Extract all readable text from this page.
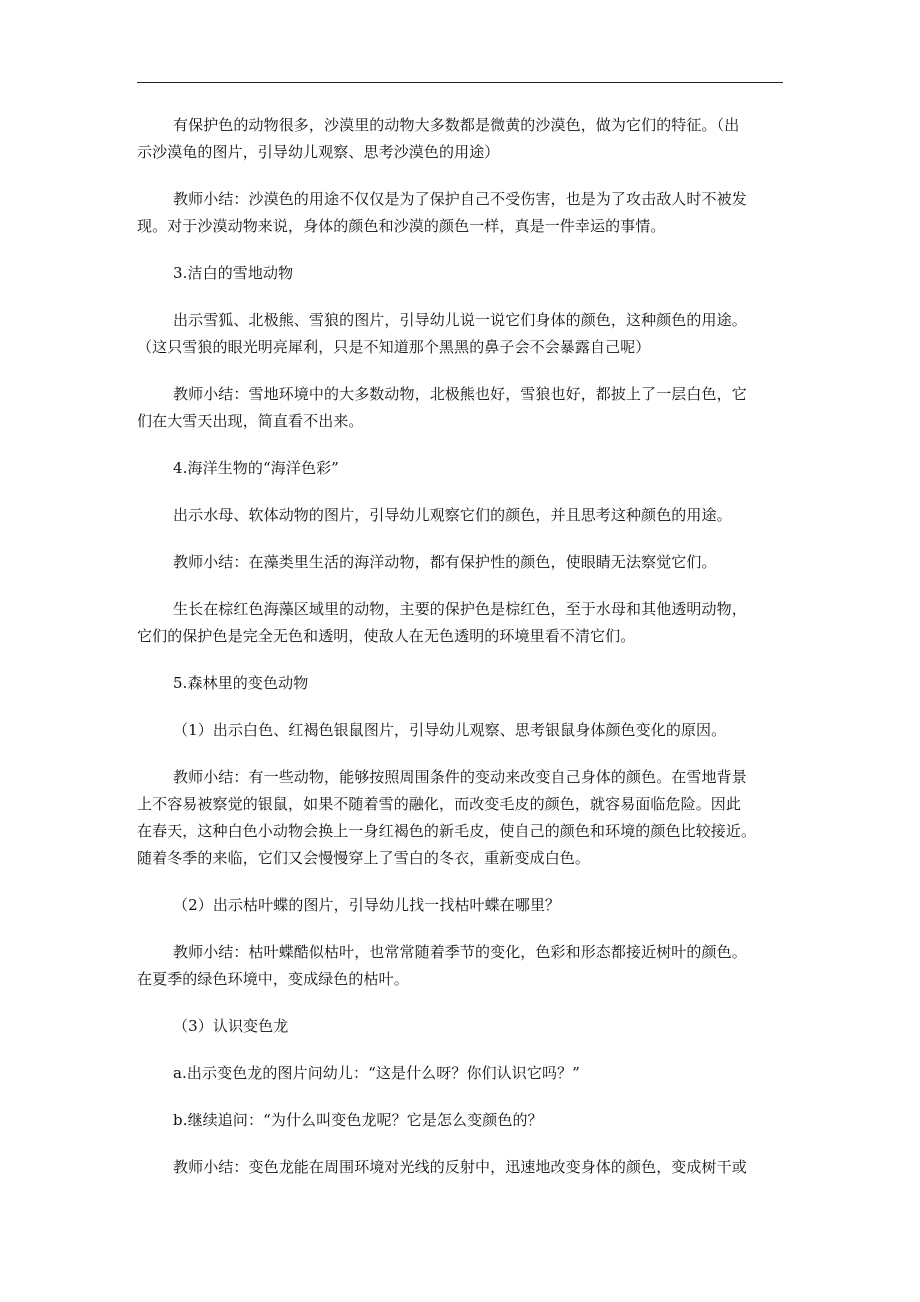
有保护色的动物很多，沙漠里的动物大多数都是微黄的沙漠色，做为它们的特征。（出
示沙漠龟的图片，引导幼儿观察、思考沙漠色的用途）

教师小结：沙漠色的用途不仅仅是为了保护自己不受伤害，也是为了攻击敌人时不被发
现。对于沙漠动物来说，身体的颜色和沙漠的颜色一样，真是一件幸运的事情。

3.洁白的雪地动物

出示雪狐、北极熊、雪狼的图片，引导幼儿说一说它们身体的颜色，这种颜色的用途。
（这只雪狼的眼光明亮犀利，只是不知道那个黑黑的鼻子会不会暴露自己呢）

教师小结：雪地环境中的大多数动物，北极熊也好，雪狼也好，都披上了一层白色，它
们在大雪天出现，简直看不出来。

4.海洋生物的“海洋色彩”

出示水母、软体动物的图片，引导幼儿观察它们的颜色，并且思考这种颜色的用途。

教师小结：在藻类里生活的海洋动物，都有保护性的颜色，使眼睛无法察觉它们。

生长在棕红色海藻区域里的动物，主要的保护色是棕红色，至于水母和其他透明动物，
它们的保护色是完全无色和透明，使敌人在无色透明的环境里看不清它们。

5.森林里的变色动物

（1）出示白色、红褐色银鼠图片，引导幼儿观察、思考银鼠身体颜色变化的原因。

教师小结：有一些动物，能够按照周围条件的变动来改变自己身体的颜色。在雪地背景
上不容易被察觉的银鼠，如果不随着雪的融化，而改变毛皮的颜色，就容易面临危险。因此
在春天，这种白色小动物会换上一身红褐色的新毛皮，使自己的颜色和环境的颜色比较接近。
随着冬季的来临，它们又会慢慢穿上了雪白的冬衣，重新变成白色。

（2）出示枯叶蝶的图片，引导幼儿找一找枯叶蝶在哪里？

教师小结：枯叶蝶酷似枯叶，也常常随着季节的变化，色彩和形态都接近树叶的颜色。
在夏季的绿色环境中，变成绿色的枯叶。

（3）认识变色龙

a.出示变色龙的图片问幼儿：“这是什么呀？你们认识它吗？”

b.继续追问：“为什么叫变色龙呢？它是怎么变颜色的？

教师小结：变色龙能在周围环境对光线的反射中，迅速地改变身体的颜色，变成树干或
